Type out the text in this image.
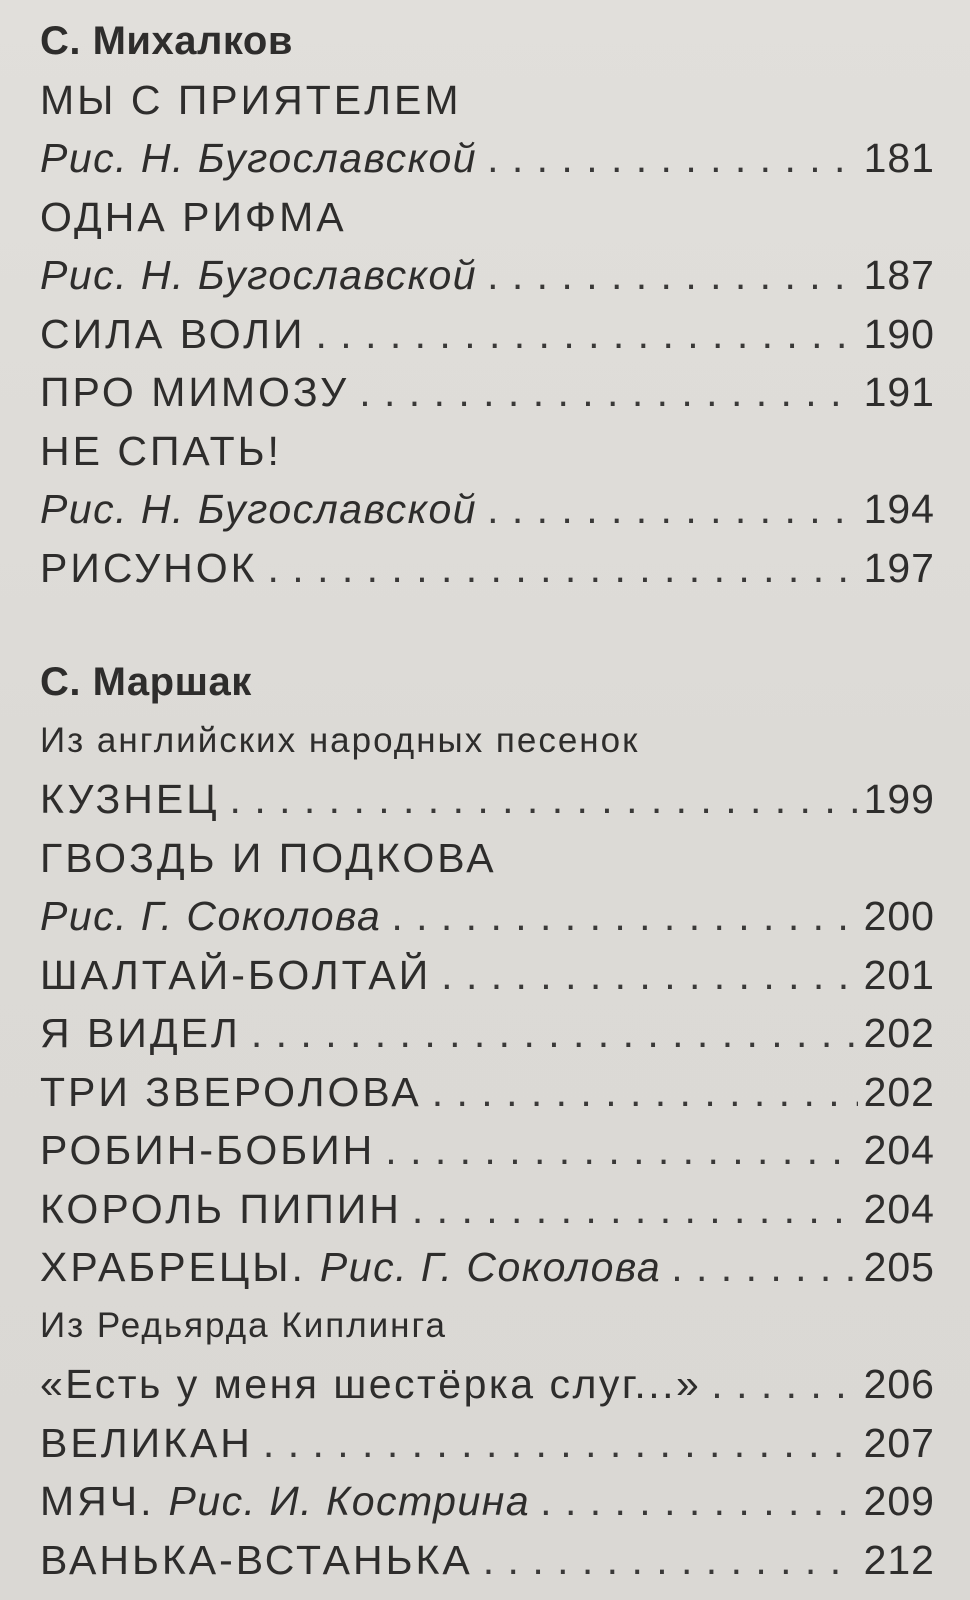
С. Михалков
МЫ С ПРИЯТЕЛЕМ
Рис. Н. Бугославской . . .	181
ОДНА РИФМА
Рис. Н. Бугославской . . .	187
СИЛА ВОЛИ . . .	190
ПРО МИМОЗУ . . .	191
НЕ СПАТЬ!
Рис. Н. Бугославской . . .	194
РИСУНОК . . .	197
С. Маршак
Из английских народных песенок
КУЗНЕЦ . . .	199
ГВОЗДЬ И ПОДКОВА
Рис. Г. Соколова . . .	200
ШАЛТАЙ-БОЛТАЙ . . .	201
Я ВИДЕЛ . . .	202
ТРИ ЗВЕРОЛОВА . . .	202
РОБИН-БОБИН . . .	204
КОРОЛЬ ПИПИН . . .	204
ХРАБРЕЦЫ. Рис. Г. Соколова . . .	205
Из Редьярда Киплинга
«Есть у меня шестёрка слуг...» . . .	206
ВЕЛИКАН . . .	207
МЯЧ. Рис. И. Кострина . . .	209
ВАНЬКА-ВСТАНЬКА . . .	212
